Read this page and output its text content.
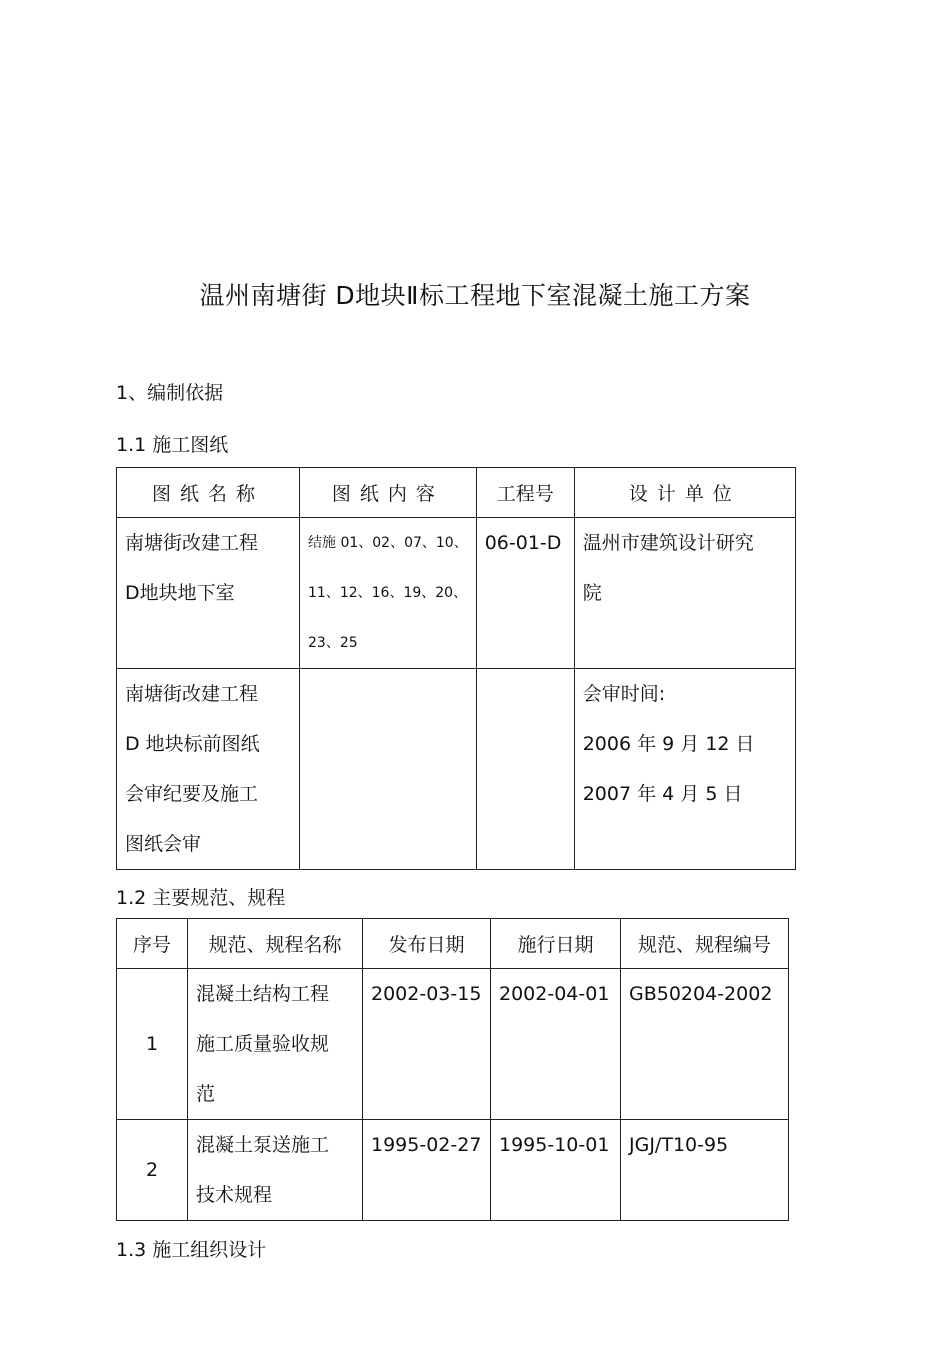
温州南塘街 D地块Ⅱ标工程地下室混凝土施工方案
1、编制依据
1.1 施工图纸
图纸名称	图纸内容	工程号	设计单位

南塘街改建工程
D地块地下室	结施 01、02、07、10、
11、12、16、19、20、
23、25	06-01-D	温州市建筑设计研究
院

南塘街改建工程
D 地块标前图纸
会审纪要及施工
图纸会审			会审时间:
2006 年 9 月 12 日
2007 年 4 月 5 日
1.2 主要规范、规程
序号	规范、规程名称	发布日期	施行日期	规范、规程编号
1	混凝土结构工程
施工质量验收规
范	2002-03-15	2002-04-01	GB50204-2002

2	混凝土泵送施工
技术规程	1995-02-27	1995-10-01	JGJ/T10-95
1.3 施工组织设计
